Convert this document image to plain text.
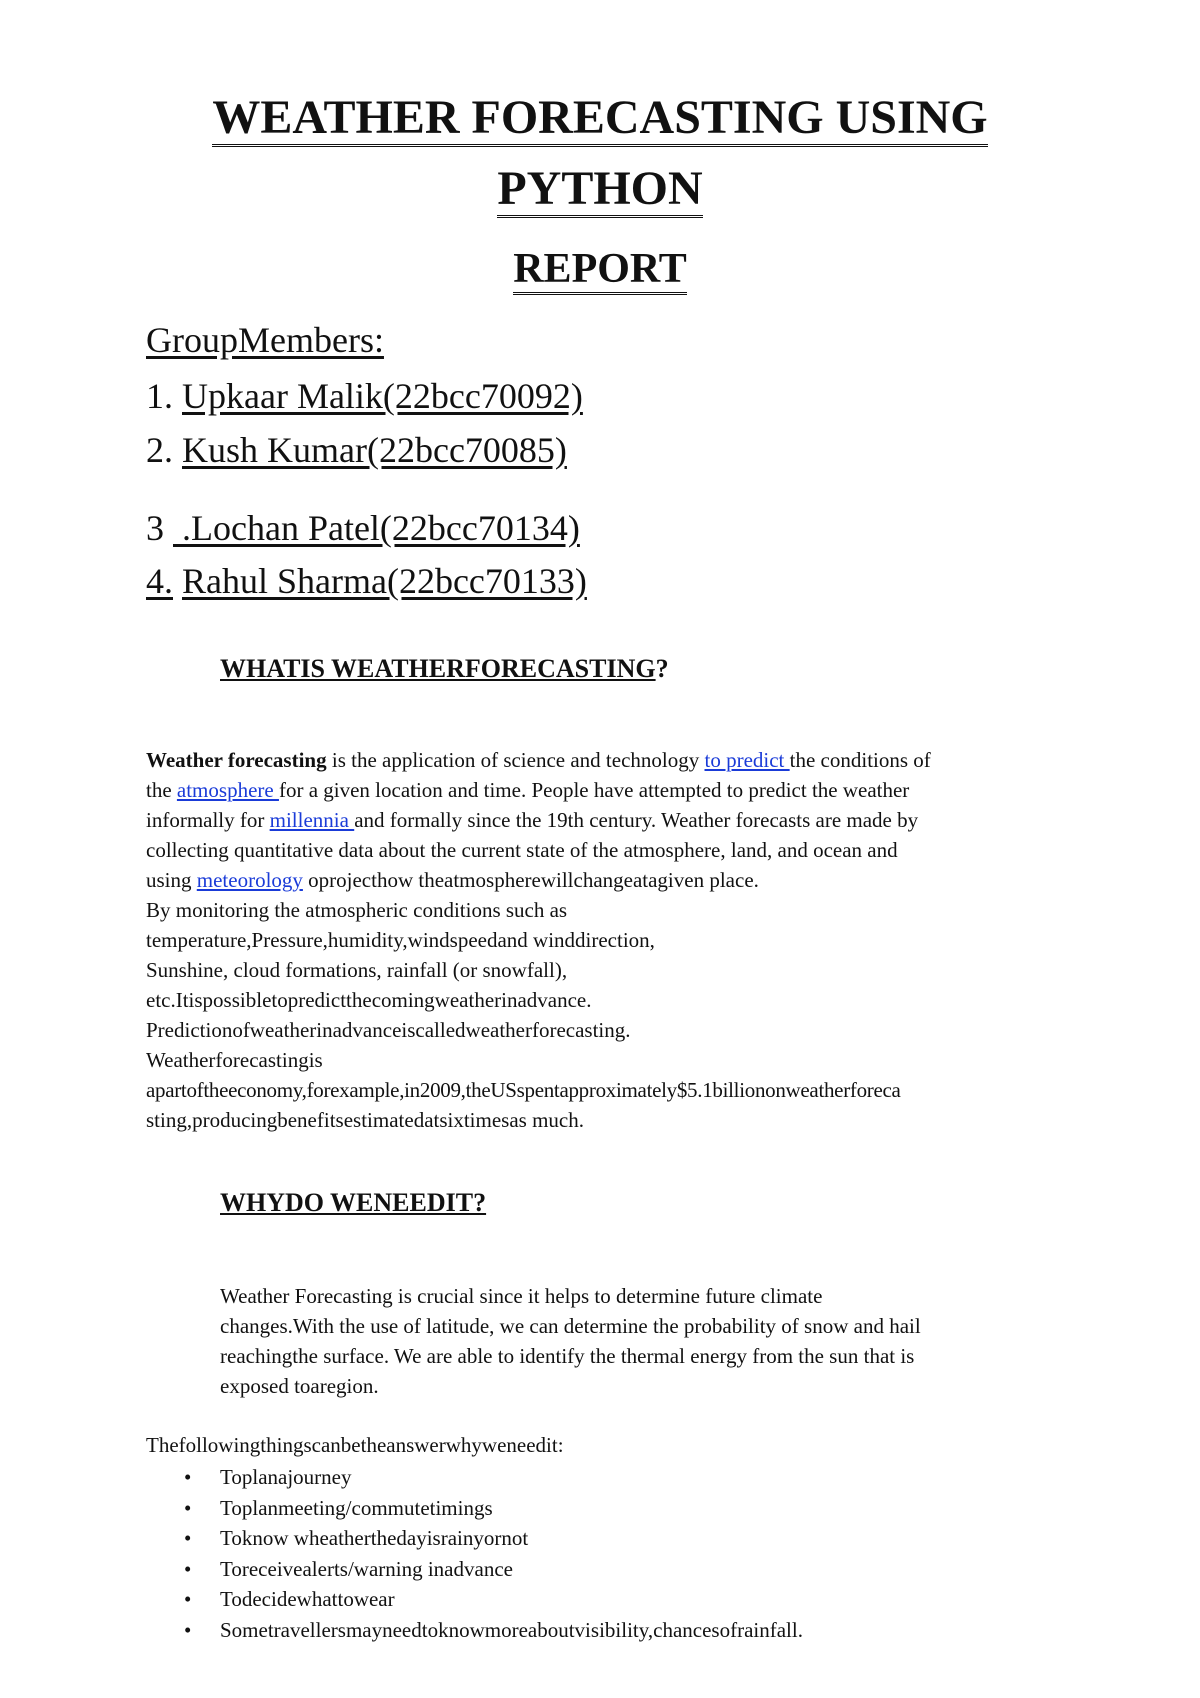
WEATHER FORECASTING USING
PYTHON
REPORT
GroupMembers:
1. Upkaar Malik(22bcc70092)
2. Kush Kumar(22bcc70085)
3  .Lochan Patel(22bcc70134)
4. Rahul Sharma(22bcc70133)
WHATIS WEATHERFORECASTING?
Weather forecasting is the application of science and technology to predict the conditions of
the atmosphere for a given location and time. People have attempted to predict the weather
informally for millennia and formally since the 19th century. Weather forecasts are made by
collecting quantitative data about the current state of the atmosphere, land, and ocean and
using meteorology oprojecthow theatmospherewillchangeatagiven place.
By monitoring the atmospheric conditions such as
temperature,Pressure,humidity,windspeedand winddirection,
Sunshine, cloud formations, rainfall (or snowfall),
etc.Itispossibletopredictthecomingweatherinadvance.
Predictionofweatherinadvanceiscalledweatherforecasting.
Weatherforecastingis
apartoftheeconomy,forexample,in2009,theUSspentapproximately$5.1billiononweatherforeca
sting,producingbenefitsestimatedatsixtimesas much.
WHYDO WENEEDIT?
Weather Forecasting is crucial since it helps to determine future climate
changes.With the use of latitude, we can determine the probability of snow and hail
reachingthe surface. We are able to identify the thermal energy from the sun that is
exposed toaregion.
Thefollowingthingscanbetheanswerwhyweneedit:
• Toplanajourney
• Toplanmeeting/commutetimings
• Toknow wheatherthedayisrainyornot
• Toreceivealerts/warning inadvance
• Todecidewhattowear
• Sometravellersmayneedtoknowmoreaboutvisibility,chancesofrainfall.
